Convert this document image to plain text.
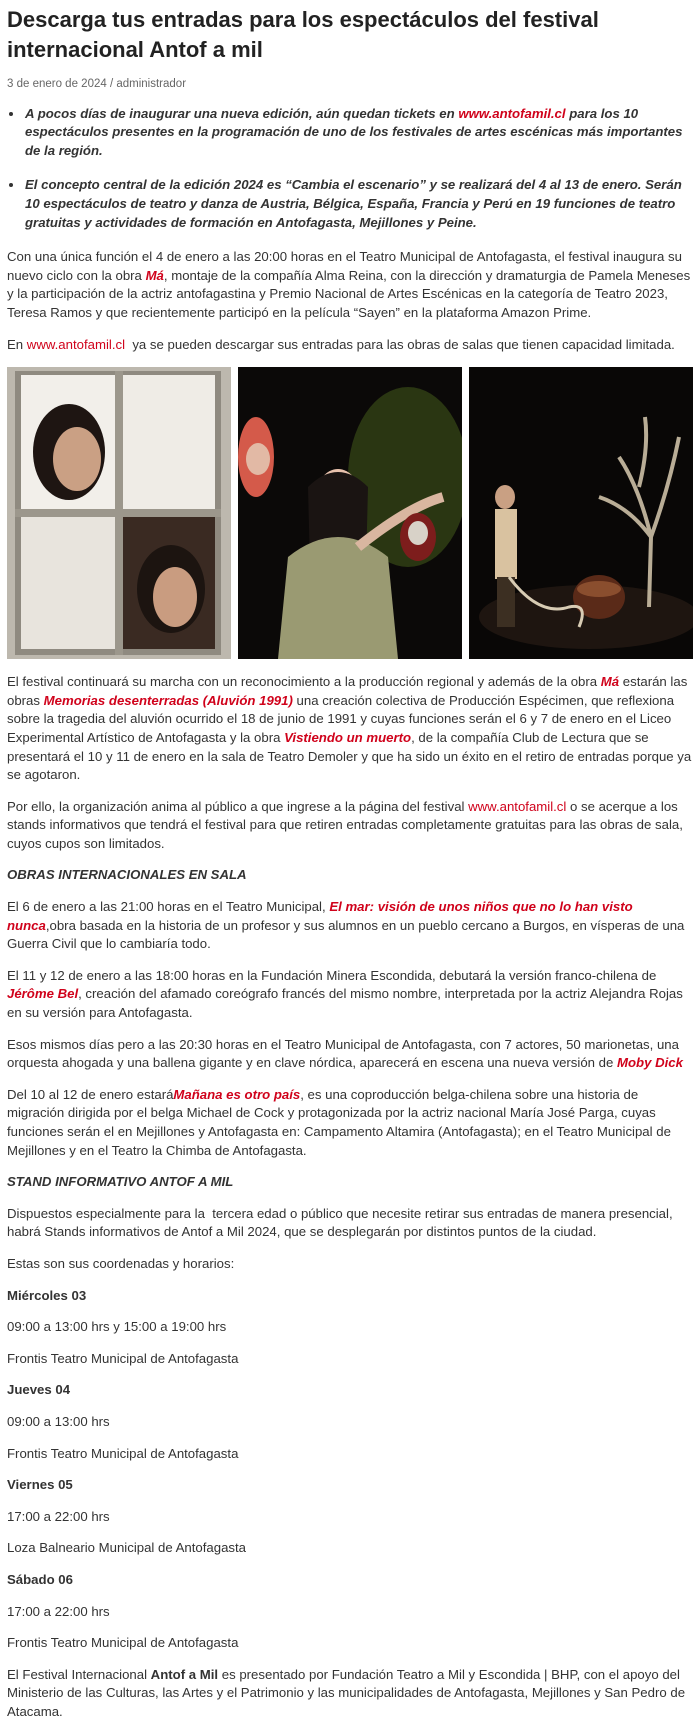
Descarga tus entradas para los espectáculos del festival internacional Antof a mil
3 de enero de 2024 / administrador
• A pocos días de inaugurar una nueva edición, aún quedan tickets en www.antofamil.cl para los 10 espectáculos presentes en la programación de uno de los festivales de artes escénicas más importantes de la región.
• El concepto central de la edición 2024 es “Cambia el escenario” y se realizará del 4 al 13 de enero. Serán 10 espectáculos de teatro y danza de Austria, Bélgica, España, Francia y Perú en 19 funciones de teatro gratuitas y actividades de formación en Antofagasta, Mejillones y Peine.

Con una única función el 4 de enero a las 20:00 horas en el Teatro Municipal de Antofagasta, el festival inaugura su nuevo ciclo con la obra Má, montaje de la compañía Alma Reina, con la dirección y dramaturgia de Pamela Meneses y la participación de la actriz antofagastina y Premio Nacional de Artes Escénicas en la categoría de Teatro 2023, Teresa Ramos y que recientemente participó en la película “Sayen” en la plataforma Amazon Prime.

En www.antofamil.cl  ya se pueden descargar sus entradas para las obras de salas que tienen capacidad limitada.

El festival continuará su marcha con un reconocimiento a la producción regional y además de la obra Má estarán las obras Memorias desenterradas (Aluvión 1991) una creación colectiva de Producción Espécimen, que reflexiona sobre la tragedia del aluvión ocurrido el 18 de junio de 1991 y cuyas funciones serán el 6 y 7 de enero en el Liceo Experimental Artístico de Antofagasta y la obra Vistiendo un muerto, de la compañía Club de Lectura que se presentará el 10 y 11 de enero en la sala de Teatro Demoler y que ha sido un éxito en el retiro de entradas porque ya se agotaron.

Por ello, la organización anima al público a que ingrese a la página del festival www.antofamil.cl o se acerque a los stands informativos que tendrá el festival para que retiren entradas completamente gratuitas para las obras de sala, cuyos cupos son limitados.

OBRAS INTERNACIONALES EN SALA

El 6 de enero a las 21:00 horas en el Teatro Municipal, El mar: visión de unos niños que no lo han visto nunca,obra basada en la historia de un profesor y sus alumnos en un pueblo cercano a Burgos, en vísperas de una Guerra Civil que lo cambiaría todo.

El 11 y 12 de enero a las 18:00 horas en la Fundación Minera Escondida, debutará la versión franco-chilena de Jérôme Bel, creación del afamado coreógrafo francés del mismo nombre, interpretada por la actriz Alejandra Rojas en su versión para Antofagasta.

Esos mismos días pero a las 20:30 horas en el Teatro Municipal de Antofagasta, con 7 actores, 50 marionetas, una orquesta ahogada y una ballena gigante y en clave nórdica, aparecerá en escena una nueva versión de Moby Dick

Del 10 al 12 de enero estaráMañana es otro país, es una coproducción belga-chilena sobre una historia de migración dirigida por el belga Michael de Cock y protagonizada por la actriz nacional María José Parga, cuyas funciones serán el en Mejillones y Antofagasta en: Campamento Altamira (Antofagasta); en el Teatro Municipal de Mejillones y en el Teatro la Chimba de Antofagasta.

STAND INFORMATIVO ANTOF A MIL

Dispuestos especialmente para la  tercera edad o público que necesite retirar sus entradas de manera presencial, habrá Stands informativos de Antof a Mil 2024, que se desplegarán por distintos puntos de la ciudad.

Estas son sus coordenadas y horarios:

Miércoles 03

09:00 a 13:00 hrs y 15:00 a 19:00 hrs

Frontis Teatro Municipal de Antofagasta

Jueves 04

09:00 a 13:00 hrs

Frontis Teatro Municipal de Antofagasta

Viernes 05

17:00 a 22:00 hrs

Loza Balneario Municipal de Antofagasta

Sábado 06

17:00 a 22:00 hrs

Frontis Teatro Municipal de Antofagasta

El Festival Internacional Antof a Mil es presentado por Fundación Teatro a Mil y Escondida | BHP, con el apoyo del Ministerio de las Culturas, las Artes y el Patrimonio y las municipalidades de Antofagasta, Mejillones y San Pedro de Atacama.
